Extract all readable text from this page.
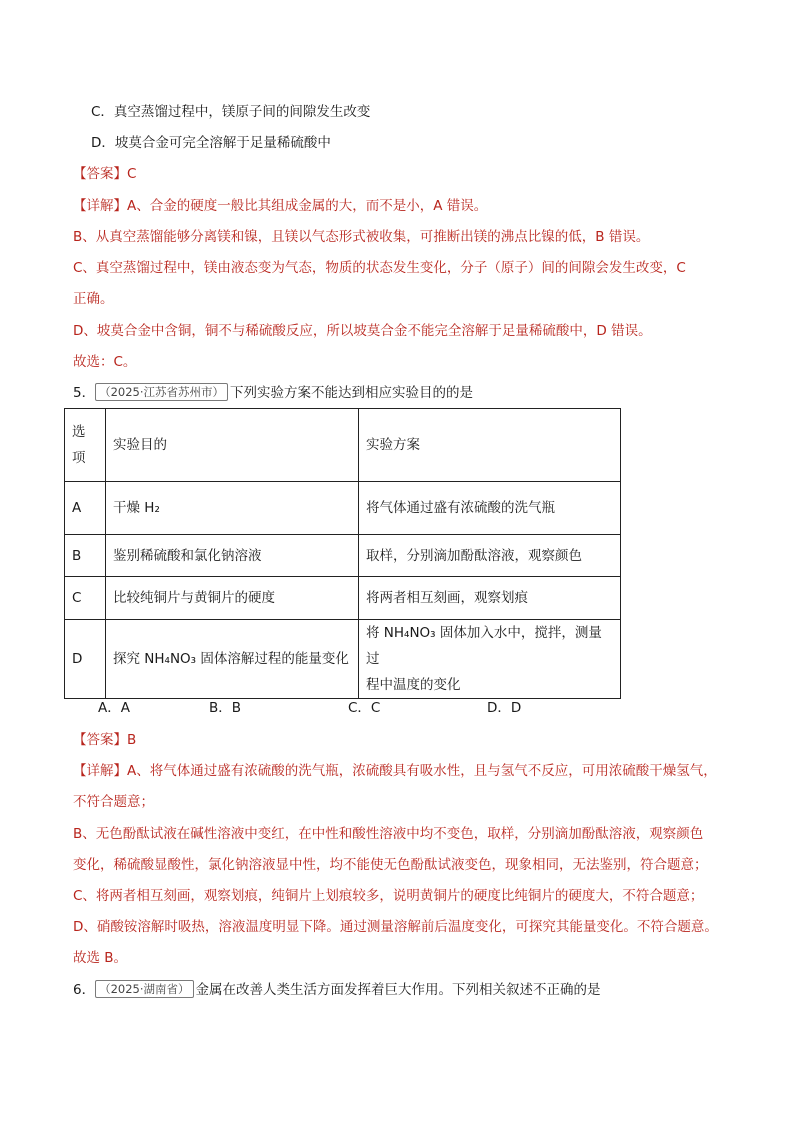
C．真空蒸馏过程中，镁原子间的间隙发生改变
D．坡莫合金可完全溶解于足量稀硫酸中
【答案】C
【详解】A、合金的硬度一般比其组成金属的大，而不是小，A 错误。
B、从真空蒸馏能够分离镁和镍，且镁以气态形式被收集，可推断出镁的沸点比镍的低，B 错误。
C、真空蒸馏过程中，镁由液态变为气态，物质的状态发生变化，分子（原子）间的间隙会发生改变，C
正确。
D、坡莫合金中含铜，铜不与稀硫酸反应，所以坡莫合金不能完全溶解于足量稀硫酸中，D 错误。
故选：C。
5． （2025·江苏省苏州市） 下列实验方案不能达到相应实验目的的是
选
项	实验目的	实验方案
A	干燥 H₂	将气体通过盛有浓硫酸的洗气瓶
B	鉴别稀硫酸和氯化钠溶液	取样，分别滴加酚酞溶液，观察颜色
C	比较纯铜片与黄铜片的硬度	将两者相互刻画，观察划痕
D	探究 NH₄NO₃ 固体溶解过程的能量变化	将 NH₄NO₃ 固体加入水中，搅拌，测量过
程中温度的变化
A．A	B．B	C．C	D．D
【答案】B
【详解】A、将气体通过盛有浓硫酸的洗气瓶，浓硫酸具有吸水性，且与氢气不反应，可用浓硫酸干燥氢气，
不符合题意；
B、无色酚酞试液在碱性溶液中变红，在中性和酸性溶液中均不变色，取样，分别滴加酚酞溶液，观察颜色
变化，稀硫酸显酸性，氯化钠溶液显中性，均不能使无色酚酞试液变色，现象相同，无法鉴别，符合题意；
C、将两者相互刻画，观察划痕，纯铜片上划痕较多，说明黄铜片的硬度比纯铜片的硬度大，不符合题意；
D、硝酸铵溶解时吸热，溶液温度明显下降。通过测量溶解前后温度变化，可探究其能量变化。不符合题意。
故选 B。
6． （2025·湖南省） 金属在改善人类生活方面发挥着巨大作用。下列相关叙述不正确的是
